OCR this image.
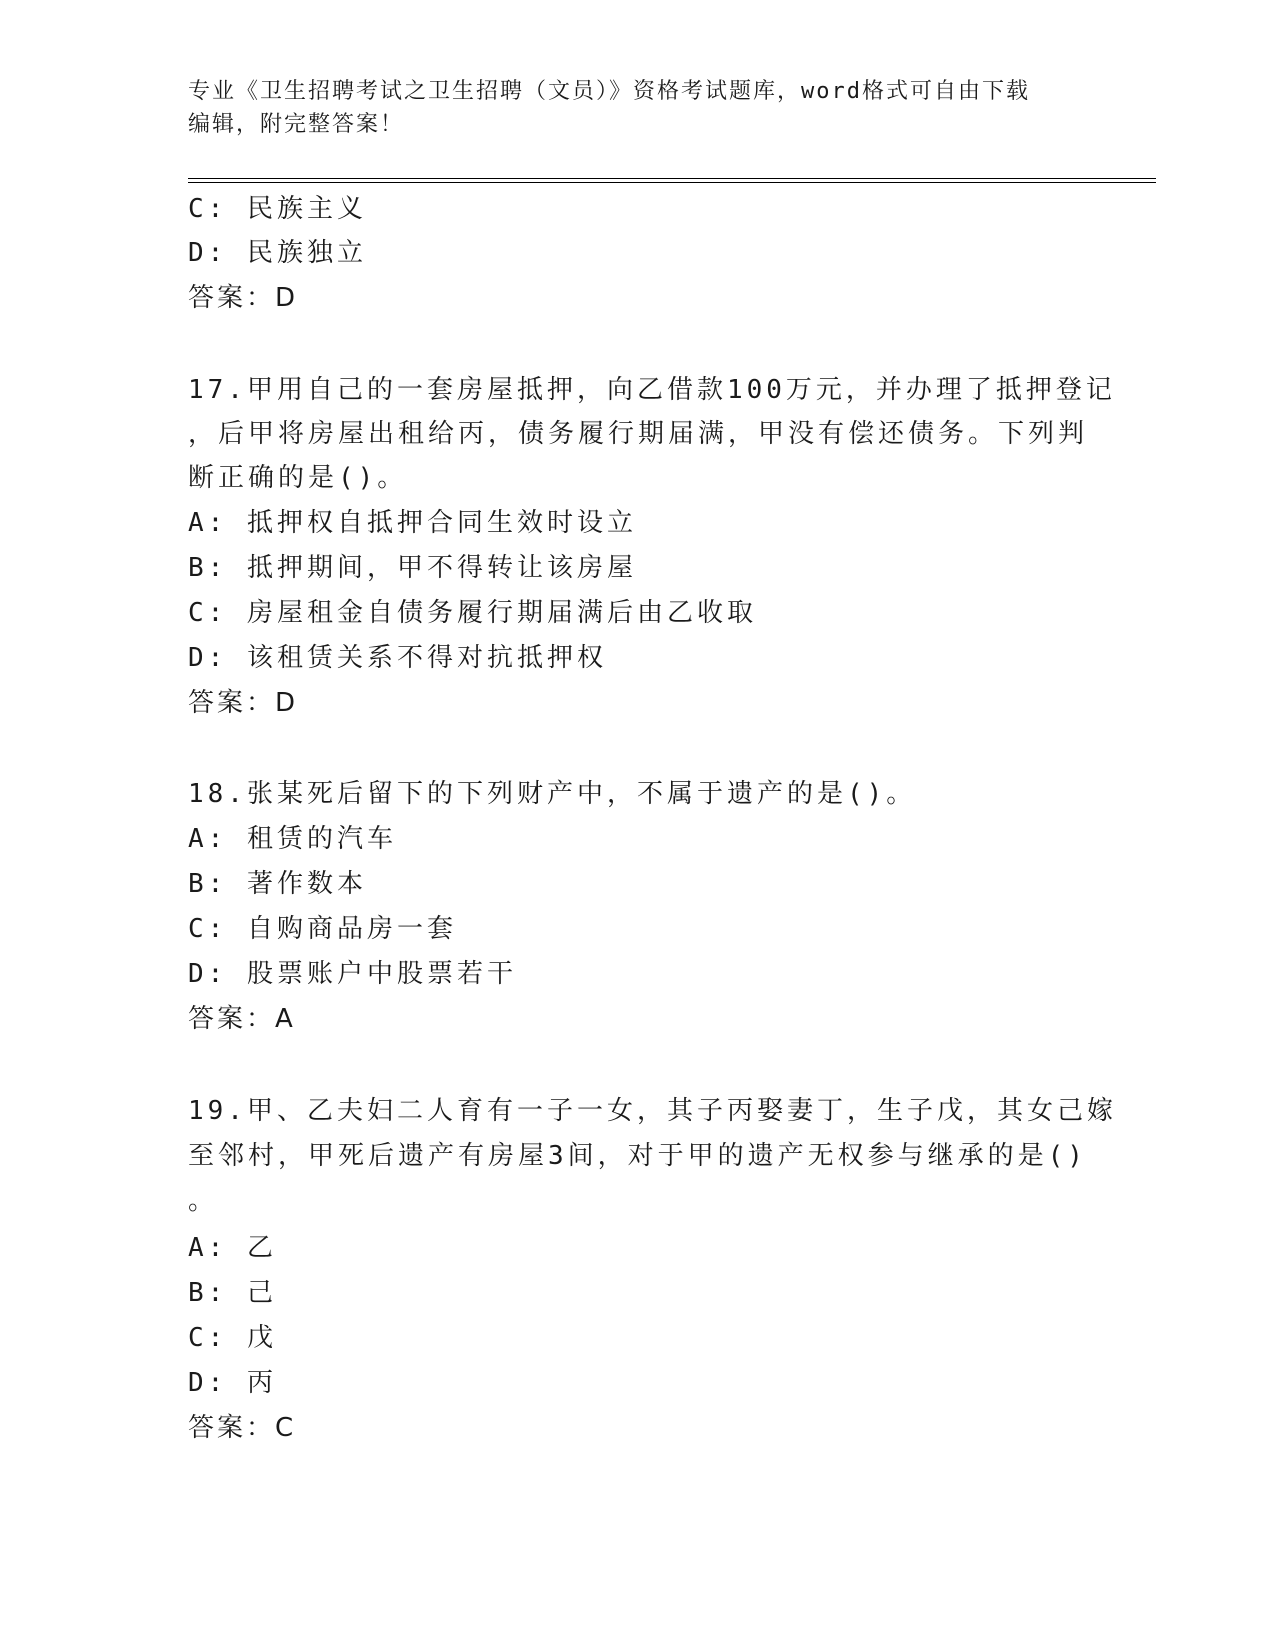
专业《卫生招聘考试之卫生招聘（文员）》资格考试题库，word格式可自由下载
编辑，附完整答案！
C: 民族主义
D: 民族独立
答案：D
17.甲用自己的一套房屋抵押，向乙借款100万元，并办理了抵押登记
，后甲将房屋出租给丙，债务履行期届满，甲没有偿还债务。下列判
断正确的是()。
A: 抵押权自抵押合同生效时设立
B: 抵押期间，甲不得转让该房屋
C: 房屋租金自债务履行期届满后由乙收取
D: 该租赁关系不得对抗抵押权
答案：D
18.张某死后留下的下列财产中，不属于遗产的是()。
A: 租赁的汽车
B: 著作数本
C: 自购商品房一套
D: 股票账户中股票若干
答案：A
19.甲、乙夫妇二人育有一子一女，其子丙娶妻丁，生子戊，其女己嫁
至邻村，甲死后遗产有房屋3间，对于甲的遗产无权参与继承的是()
。
A: 乙
B: 己
C: 戊
D: 丙
答案：C
